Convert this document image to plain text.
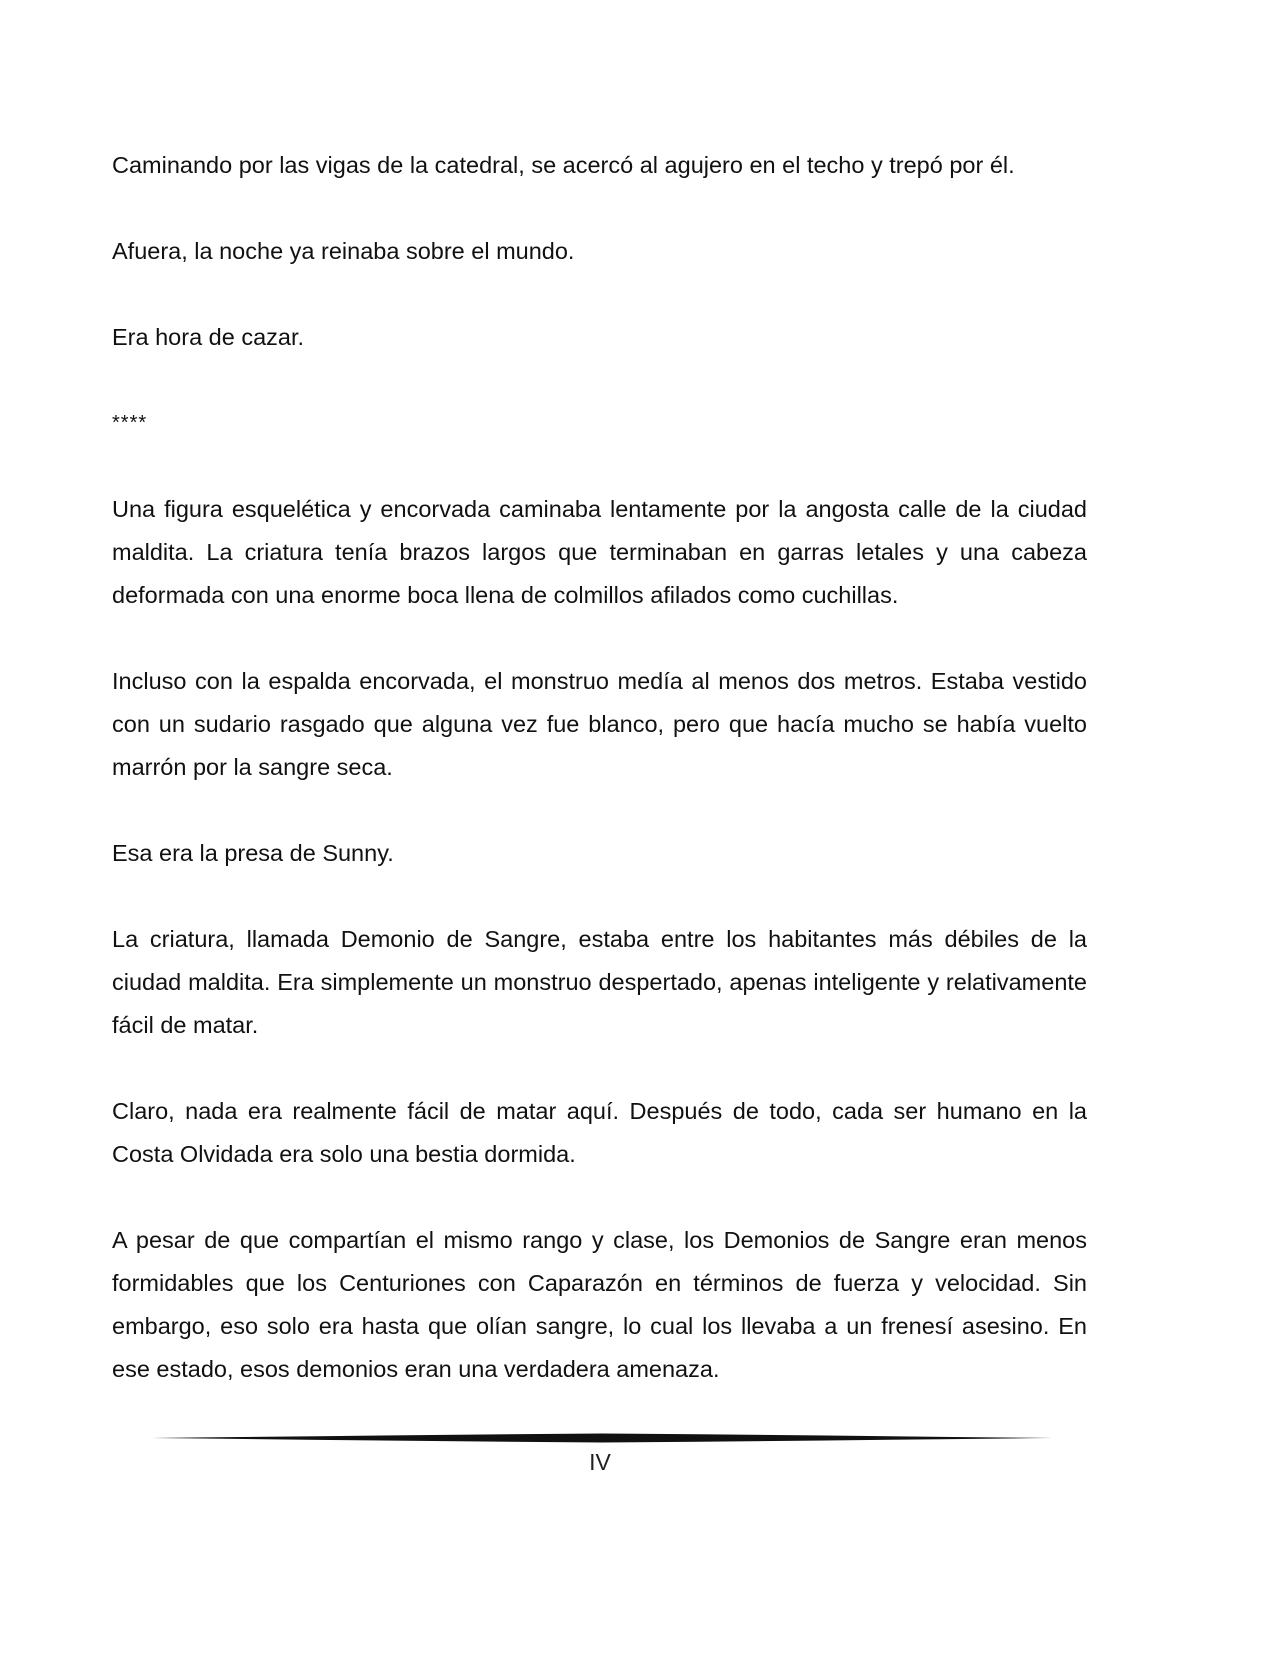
Caminando por las vigas de la catedral, se acercó al agujero en el techo y trepó por él.

Afuera, la noche ya reinaba sobre el mundo.

Era hora de cazar.

****

Una figura esquelética y encorvada caminaba lentamente por la angosta calle de la ciudad maldita. La criatura tenía brazos largos que terminaban en garras letales y una cabeza deformada con una enorme boca llena de colmillos afilados como cuchillas.

Incluso con la espalda encorvada, el monstruo medía al menos dos metros. Estaba vestido con un sudario rasgado que alguna vez fue blanco, pero que hacía mucho se había vuelto marrón por la sangre seca.

Esa era la presa de Sunny.

La criatura, llamada Demonio de Sangre, estaba entre los habitantes más débiles de la ciudad maldita. Era simplemente un monstruo despertado, apenas inteligente y relativamente fácil de matar.

Claro, nada era realmente fácil de matar aquí. Después de todo, cada ser humano en la Costa Olvidada era solo una bestia dormida.

A pesar de que compartían el mismo rango y clase, los Demonios de Sangre eran menos formidables que los Centuriones con Caparazón en términos de fuerza y velocidad. Sin embargo, eso solo era hasta que olían sangre, lo cual los llevaba a un frenesí asesino. En ese estado, esos demonios eran una verdadera amenaza.

IV
